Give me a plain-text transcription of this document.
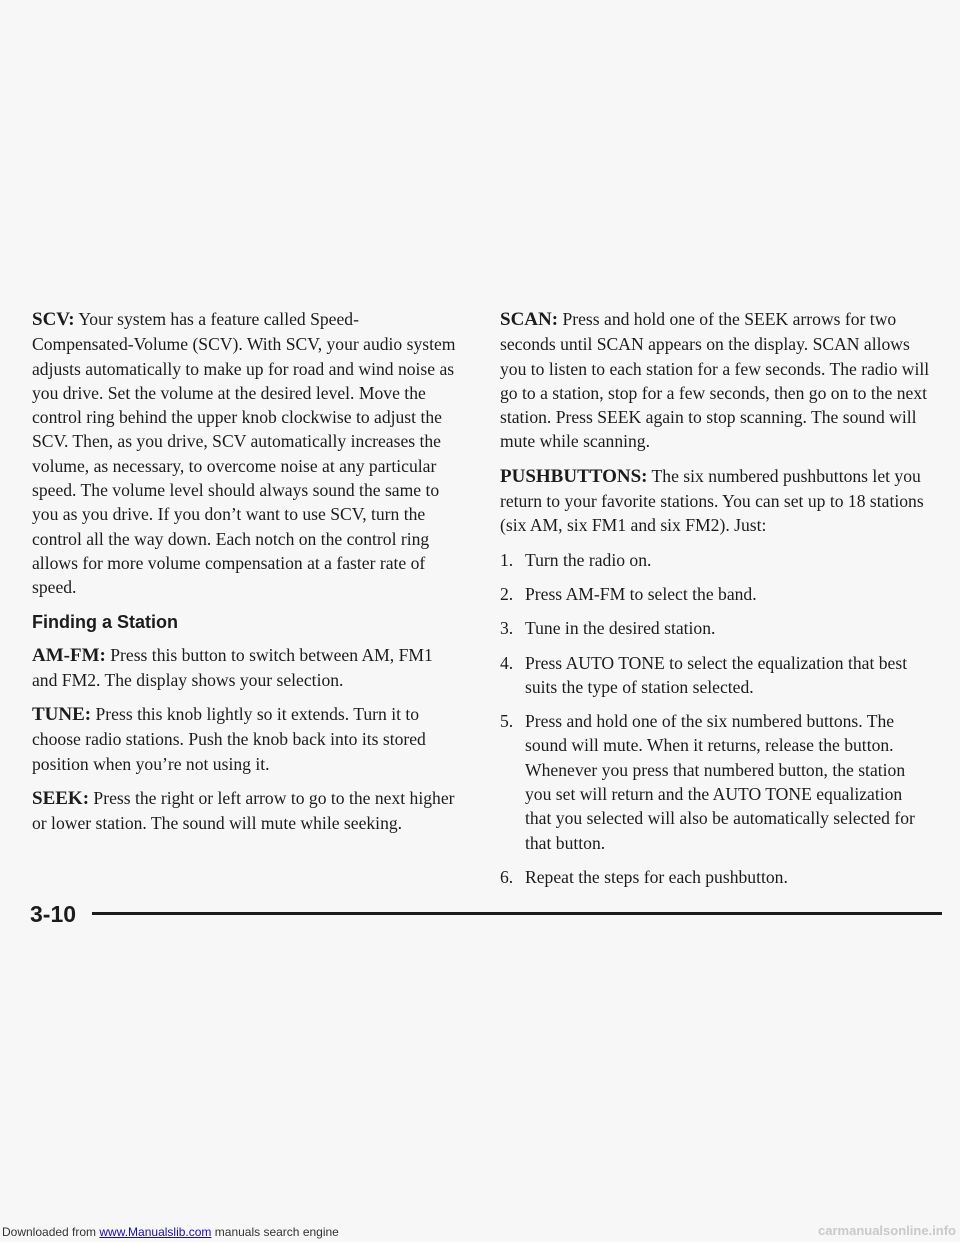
SCV: Your system has a feature called Speed-Compensated-Volume (SCV). With SCV, your audio system adjusts automatically to make up for road and wind noise as you drive. Set the volume at the desired level. Move the control ring behind the upper knob clockwise to adjust the SCV. Then, as you drive, SCV automatically increases the volume, as necessary, to overcome noise at any particular speed. The volume level should always sound the same to you as you drive. If you don’t want to use SCV, turn the control all the way down. Each notch on the control ring allows for more volume compensation at a faster rate of speed.

Finding a Station

AM-FM: Press this button to switch between AM, FM1 and FM2. The display shows your selection.

TUNE: Press this knob lightly so it extends. Turn it to choose radio stations. Push the knob back into its stored position when you’re not using it.

SEEK: Press the right or left arrow to go to the next higher or lower station. The sound will mute while seeking.

SCAN: Press and hold one of the SEEK arrows for two seconds until SCAN appears on the display. SCAN allows you to listen to each station for a few seconds. The radio will go to a station, stop for a few seconds, then go on to the next station. Press SEEK again to stop scanning. The sound will mute while scanning.

PUSHBUTTONS: The six numbered pushbuttons let you return to your favorite stations. You can set up to 18 stations (six AM, six FM1 and six FM2). Just:

1. Turn the radio on.
2. Press AM-FM to select the band.
3. Tune in the desired station.
4. Press AUTO TONE to select the equalization that best suits the type of station selected.
5. Press and hold one of the six numbered buttons. The sound will mute. When it returns, release the button. Whenever you press that numbered button, the station you set will return and the AUTO TONE equalization that you selected will also be automatically selected for that button.
6. Repeat the steps for each pushbutton.
3-10
Downloaded from www.Manualslib.com manuals search engine	carmanualsonline.info
